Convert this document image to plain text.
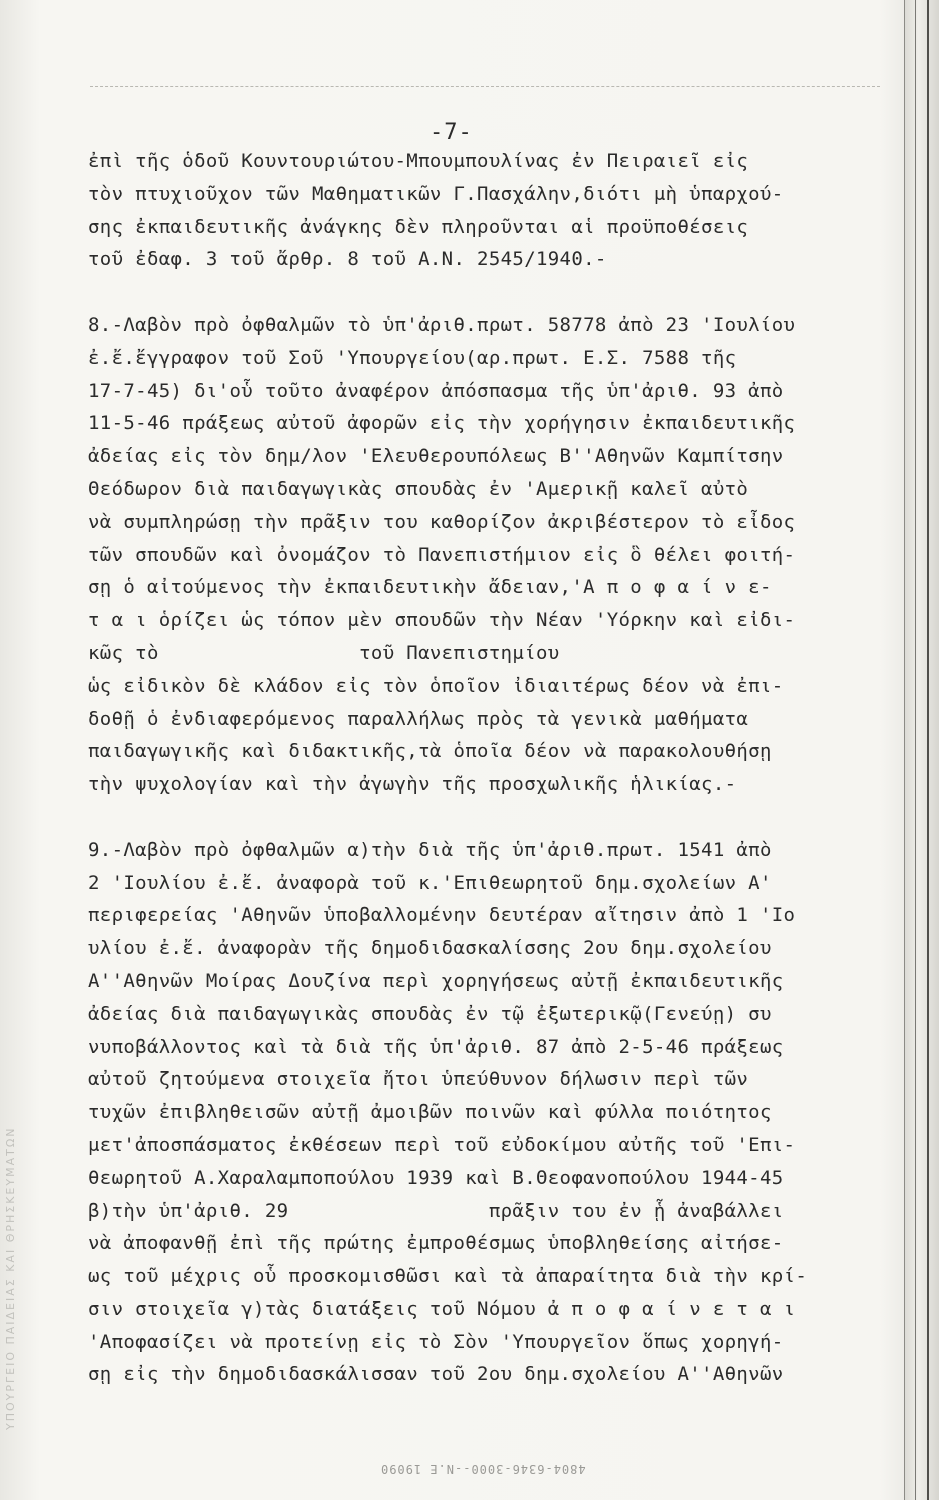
ΥΠΟΥΡΓΕΙΟ ΠΑΙΔΕΙΑΣ ΚΑΙ ΘΡΗΣΚΕΥΜΑΤΩΝ
-7-
ἐπὶ τῆς ὁδοῦ Κουντουριώτου-Μπουμπουλίνας ἐν Πειραιεῖ εἰς
τὸν πτυχιοῦχον τῶν Μαθηματικῶν Γ.Πασχάλην,διότι μὴ ὑπαρχού-
σης ἐκπαιδευτικῆς ἀνάγκης δὲν πληροῦνται αἱ προϋποθέσεις
τοῦ ἐδαφ. 3 τοῦ ἄρθρ. 8 τοῦ Α.Ν. 2545/1940.-
8.-Λαβὸν πρὸ ὀφθαλμῶν τὸ ὑπ'ἀριθ.πρωτ. 58778 ἀπὸ 23 'Ιουλίου
ἐ.ἔ.ἔγγραφον τοῦ Σοῦ 'Υπουργείου(αρ.πρωτ. Ε.Σ. 7588 τῆς
17-7-45) δι'οὗ τοῦτο ἀναφέρον ἀπόσπασμα τῆς ὑπ'ἀριθ. 93 ἀπὸ
11-5-46 πράξεως αὐτοῦ ἀφορῶν εἰς τὴν χορήγησιν ἐκπαιδευτικῆς
ἀδείας εἰς τὸν δημ/λον 'Ελευθερουπόλεως Β''Αθηνῶν Καμπίτσην
Θεόδωρον διὰ παιδαγωγικὰς σπουδὰς ἐν 'Αμερικῇ καλεῖ αὐτὸ
νὰ συμπληρώσῃ τὴν πρᾶξιν του καθορίζον ἀκριβέστερον τὸ εἶδος
τῶν σπουδῶν καὶ ὀνομάζον τὸ Πανεπιστήμιον εἰς ὃ θέλει φοιτή-
σῃ ὁ αἰτούμενος τὴν ἐκπαιδευτικὴν ἄδειαν,'Α π ο φ α ί ν ε-
τ α ι ὁρίζει ὡς τόπον μὲν σπουδῶν τὴν Νέαν 'Υόρκην καὶ εἰδι-
κῶς τὸ                 τοῦ Πανεπιστημίου
ὡς εἰδικὸν δὲ κλάδον εἰς τὸν ὁποῖον ἰδιαιτέρως δέον νὰ ἐπι-
δοθῇ ὁ ἐνδιαφερόμενος παραλλήλως πρὸς τὰ γενικὰ μαθήματα
παιδαγωγικῆς καὶ διδακτικῆς,τὰ ὁποῖα δέον νὰ παρακολουθήσῃ
τὴν ψυχολογίαν καὶ τὴν ἀγωγὴν τῆς προσχωλικῆς ἡλικίας.-
9.-Λαβὸν πρὸ ὀφθαλμῶν α)τὴν διὰ τῆς ὑπ'ἀριθ.πρωτ. 1541 ἀπὸ
2 'Ιουλίου ἐ.ἔ. ἀναφορὰ τοῦ κ.'Επιθεωρητοῦ δημ.σχολείων Α'
περιφερείας 'Αθηνῶν ὑποβαλλομένην δευτέραν αἴτησιν ἀπὸ 1 'Ιο
υλίου ἐ.ἔ. ἀναφορὰν τῆς δημοδιδασκαλίσσης 2ου δημ.σχολείου
Α''Αθηνῶν Μοίρας Δουζίνα περὶ χορηγήσεως αὐτῇ ἐκπαιδευτικῆς
ἀδείας διὰ παιδαγωγικὰς σπουδὰς ἐν τῷ ἐξωτερικῷ(Γενεύῃ) συ
νυποβάλλοντος καὶ τὰ διὰ τῆς ὑπ'ἀριθ. 87 ἀπὸ 2-5-46 πράξεως
αὐτοῦ ζητούμενα στοιχεῖα ἤτοι ὑπεύθυνον δήλωσιν περὶ τῶν
τυχῶν ἐπιβληθεισῶν αὐτῇ ἀμοιβῶν ποινῶν καὶ φύλλα ποιότητος
μετ'ἀποσπάσματος ἐκθέσεων περὶ τοῦ εὐδοκίμου αὐτῆς τοῦ 'Επι-
θεωρητοῦ Α.Χαραλαμποπούλου 1939 καὶ Β.Θεοφανοπούλου 1944-45
β)τὴν ὑπ'ἀριθ. 29                 πρᾶξιν του ἐν ᾗ ἀναβάλλει
νὰ ἀποφανθῇ ἐπὶ τῆς πρώτης ἐμπροθέσμως ὑποβληθείσης αἰτήσε-
ως τοῦ μέχρις οὗ προσκομισθῶσι καὶ τὰ ἀπαραίτητα διὰ τὴν κρί-
σιν στοιχεῖα γ)τὰς διατάξεις τοῦ Νόμου ἀ π ο φ α ί ν ε τ α ι
'Αποφασίζει νὰ προτείνῃ εἰς τὸ Σὸν 'Υπουργεῖον ὅπως χορηγή-
σῃ εἰς τὴν δημοδιδασκάλισσαν τοῦ 2ου δημ.σχολείου Α''Αθηνῶν
4804-6346-3000--N.E 19090
